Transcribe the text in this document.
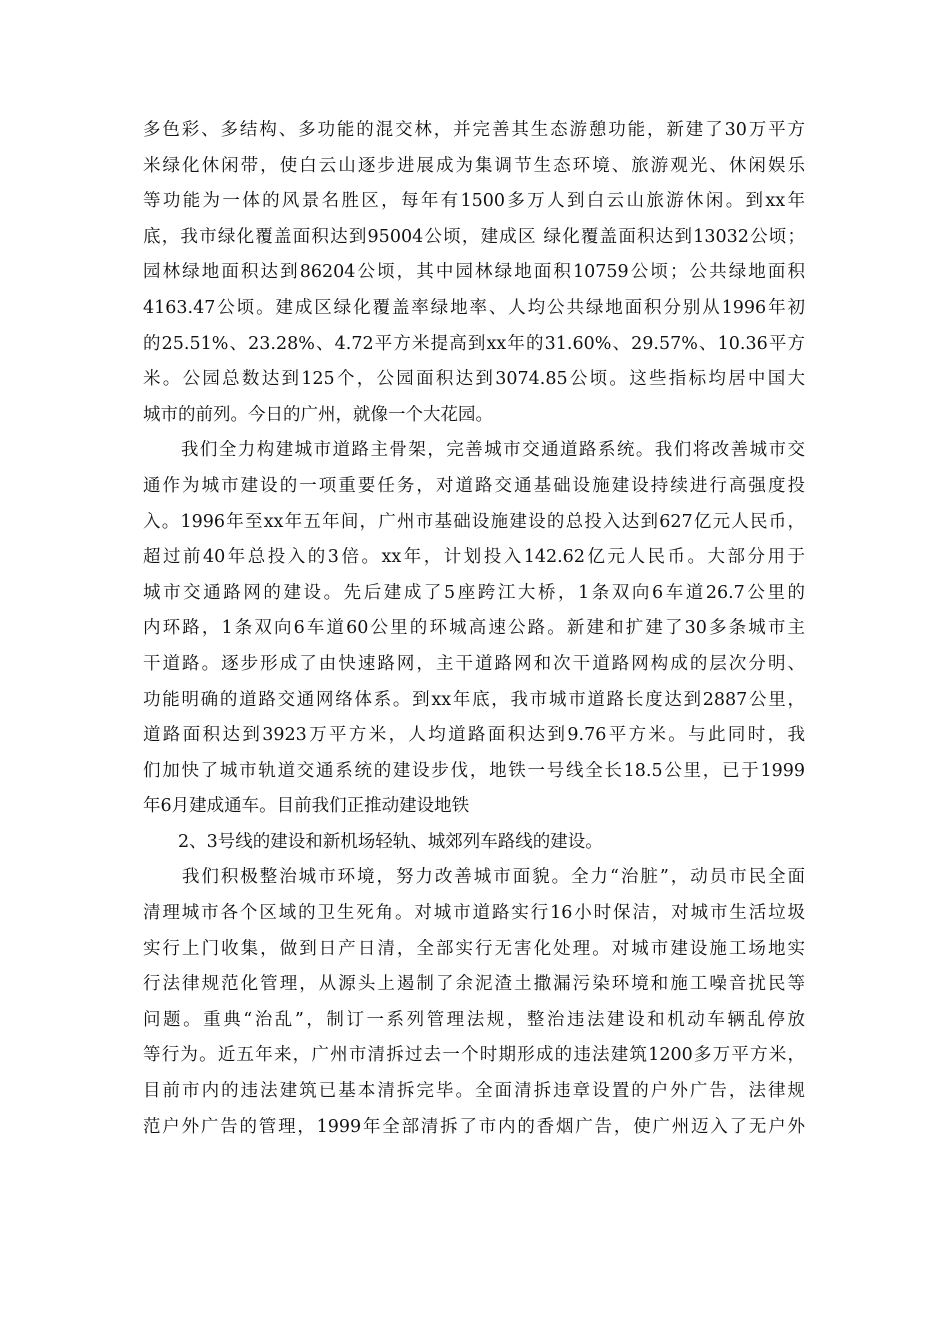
多色彩、多结构、多功能的混交林，并完善其生态游憩功能，新建了30万平方
米绿化休闲带，使白云山逐步进展成为集调节生态环境、旅游观光、休闲娱乐
等功能为一体的风景名胜区，每年有1500多万人到白云山旅游休闲。到xx年
底，我市绿化覆盖面积达到95004公顷，建成区 绿化覆盖面积达到13032公顷；
园林绿地面积达到86204公顷，其中园林绿地面积10759公顷；公共绿地面积
4163.47公顷。建成区绿化覆盖率绿地率、人均公共绿地面积分别从1996年初
的25.51%、23.28%、4.72平方米提高到xx年的31.60%、29.57%、10.36平方
米。公园总数达到125个，公园面积达到3074.85公顷。这些指标均居中国大
城市的前列。今日的广州，就像一个大花园。
　　我们全力构建城市道路主骨架，完善城市交通道路系统。我们将改善城市交
通作为城市建设的一项重要任务，对道路交通基础设施建设持续进行高强度投
入。1996年至xx年五年间，广州市基础设施建设的总投入达到627亿元人民币，
超过前40年总投入的3倍。xx年，计划投入142.62亿元人民币。大部分用于
城市交通路网的建设。先后建成了5座跨江大桥，1条双向6车道26.7公里的
内环路，1条双向6车道60公里的环城高速公路。新建和扩建了30多条城市主
干道路。逐步形成了由快速路网，主干道路网和次干道路网构成的层次分明、
功能明确的道路交通网络体系。到xx年底，我市城市道路长度达到2887公里，
道路面积达到3923万平方米，人均道路面积达到9.76平方米。与此同时，我
们加快了城市轨道交通系统的建设步伐，地铁一号线全长18.5公里，已于1999
年6月建成通车。目前我们正推动建设地铁
　　2、3号线的建设和新机场轻轨、城郊列车路线的建设。
　　我们积极整治城市环境，努力改善城市面貌。全力“治脏”，动员市民全面
清理城市各个区域的卫生死角。对城市道路实行16小时保洁，对城市生活垃圾
实行上门收集，做到日产日清，全部实行无害化处理。对城市建设施工场地实
行法律规范化管理，从源头上遏制了余泥渣土撒漏污染环境和施工噪音扰民等
问题。重典“治乱”，制订一系列管理法规，整治违法建设和机动车辆乱停放
等行为。近五年来，广州市清拆过去一个时期形成的违法建筑1200多万平方米，
目前市内的违法建筑已基本清拆完毕。全面清拆违章设置的户外广告，法律规
范户外广告的管理，1999年全部清拆了市内的香烟广告，使广州迈入了无户外
